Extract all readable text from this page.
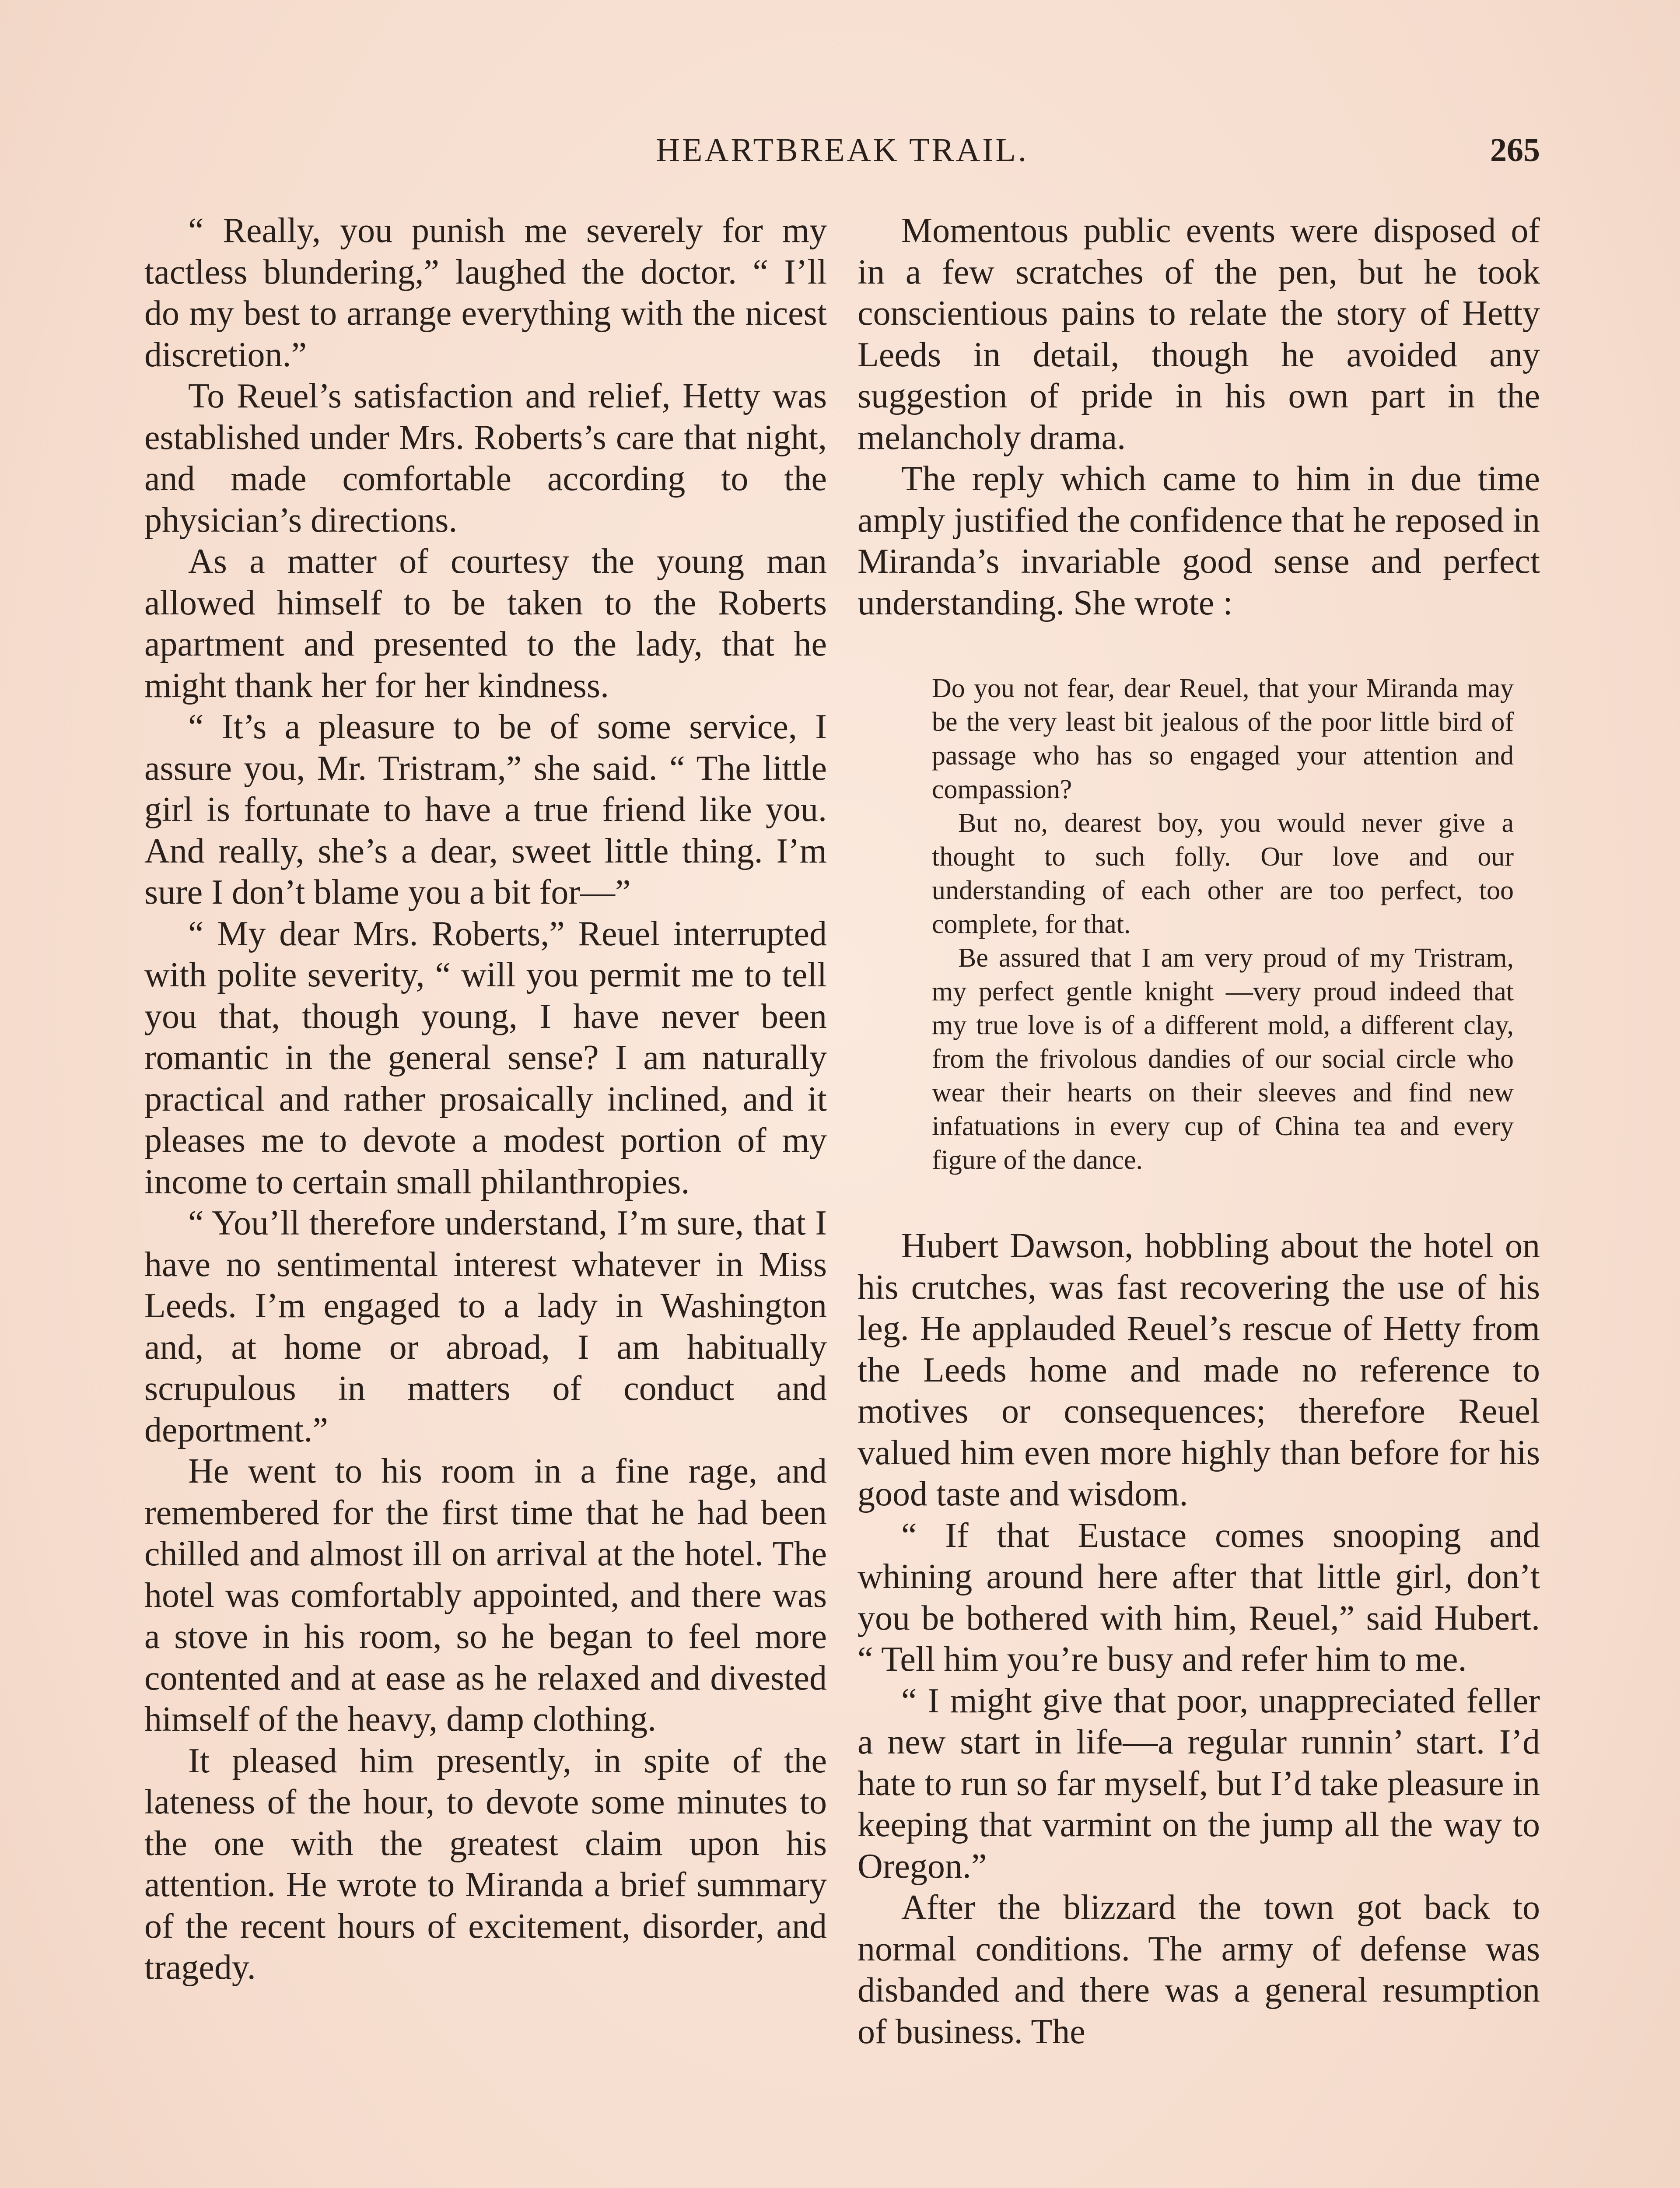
HEARTBREAK TRAIL.	265

“ Really, you punish me severely for my tactless blundering,” laughed the doctor. “ I’ll do my best to arrange everything with the nicest discretion.”

To Reuel’s satisfaction and relief, Hetty was established under Mrs. Roberts’s care that night, and made comfortable according to the physician’s directions.

As a matter of courtesy the young man allowed himself to be taken to the Roberts apartment and presented to the lady, that he might thank her for her kindness.

“ It’s a pleasure to be of some service, I assure you, Mr. Tristram,” she said. “ The little girl is fortunate to have a true friend like you. And really, she’s a dear, sweet little thing. I’m sure I don’t blame you a bit for—”

“ My dear Mrs. Roberts,” Reuel interrupted with polite severity, “ will you permit me to tell you that, though young, I have never been romantic in the general sense? I am naturally practical and rather prosaically inclined, and it pleases me to devote a modest portion of my income to certain small philanthropies.

“ You’ll therefore understand, I’m sure, that I have no sentimental interest whatever in Miss Leeds. I’m engaged to a lady in Washington and, at home or abroad, I am habitually scrupulous in matters of conduct and deportment.”

He went to his room in a fine rage, and remembered for the first time that he had been chilled and almost ill on arrival at the hotel. The hotel was comfortably appointed, and there was a stove in his room, so he began to feel more contented and at ease as he relaxed and divested himself of the heavy, damp clothing.

It pleased him presently, in spite of the lateness of the hour, to devote some minutes to the one with the greatest claim upon his attention. He wrote to Miranda a brief summary of the recent hours of excitement, disorder, and tragedy.

Momentous public events were disposed of in a few scratches of the pen, but he took conscientious pains to relate the story of Hetty Leeds in detail, though he avoided any suggestion of pride in his own part in the melancholy drama.

The reply which came to him in due time amply justified the confidence that he reposed in Miranda’s invariable good sense and perfect understanding. She wrote :

Do you not fear, dear Reuel, that your Miranda may be the very least bit jealous of the poor little bird of passage who has so engaged your attention and compassion?

But no, dearest boy, you would never give a thought to such folly. Our love and our understanding of each other are too perfect, too complete, for that.

Be assured that I am very proud of my Tristram, my perfect gentle knight —very proud indeed that my true love is of a different mold, a different clay, from the frivolous dandies of our social circle who wear their hearts on their sleeves and find new infatuations in every cup of China tea and every figure of the dance.

Hubert Dawson, hobbling about the hotel on his crutches, was fast recovering the use of his leg. He applauded Reuel’s rescue of Hetty from the Leeds home and made no reference to motives or consequences; therefore Reuel valued him even more highly than before for his good taste and wisdom.

“ If that Eustace comes snooping and whining around here after that little girl, don’t you be bothered with him, Reuel,” said Hubert. “ Tell him you’re busy and refer him to me.

“ I might give that poor, unappreciated feller a new start in life—a regular runnin’ start. I’d hate to run so far myself, but I’d take pleasure in keeping that varmint on the jump all the way to Oregon.”

After the blizzard the town got back to normal conditions. The army of defense was disbanded and there was a general resumption of business. The
